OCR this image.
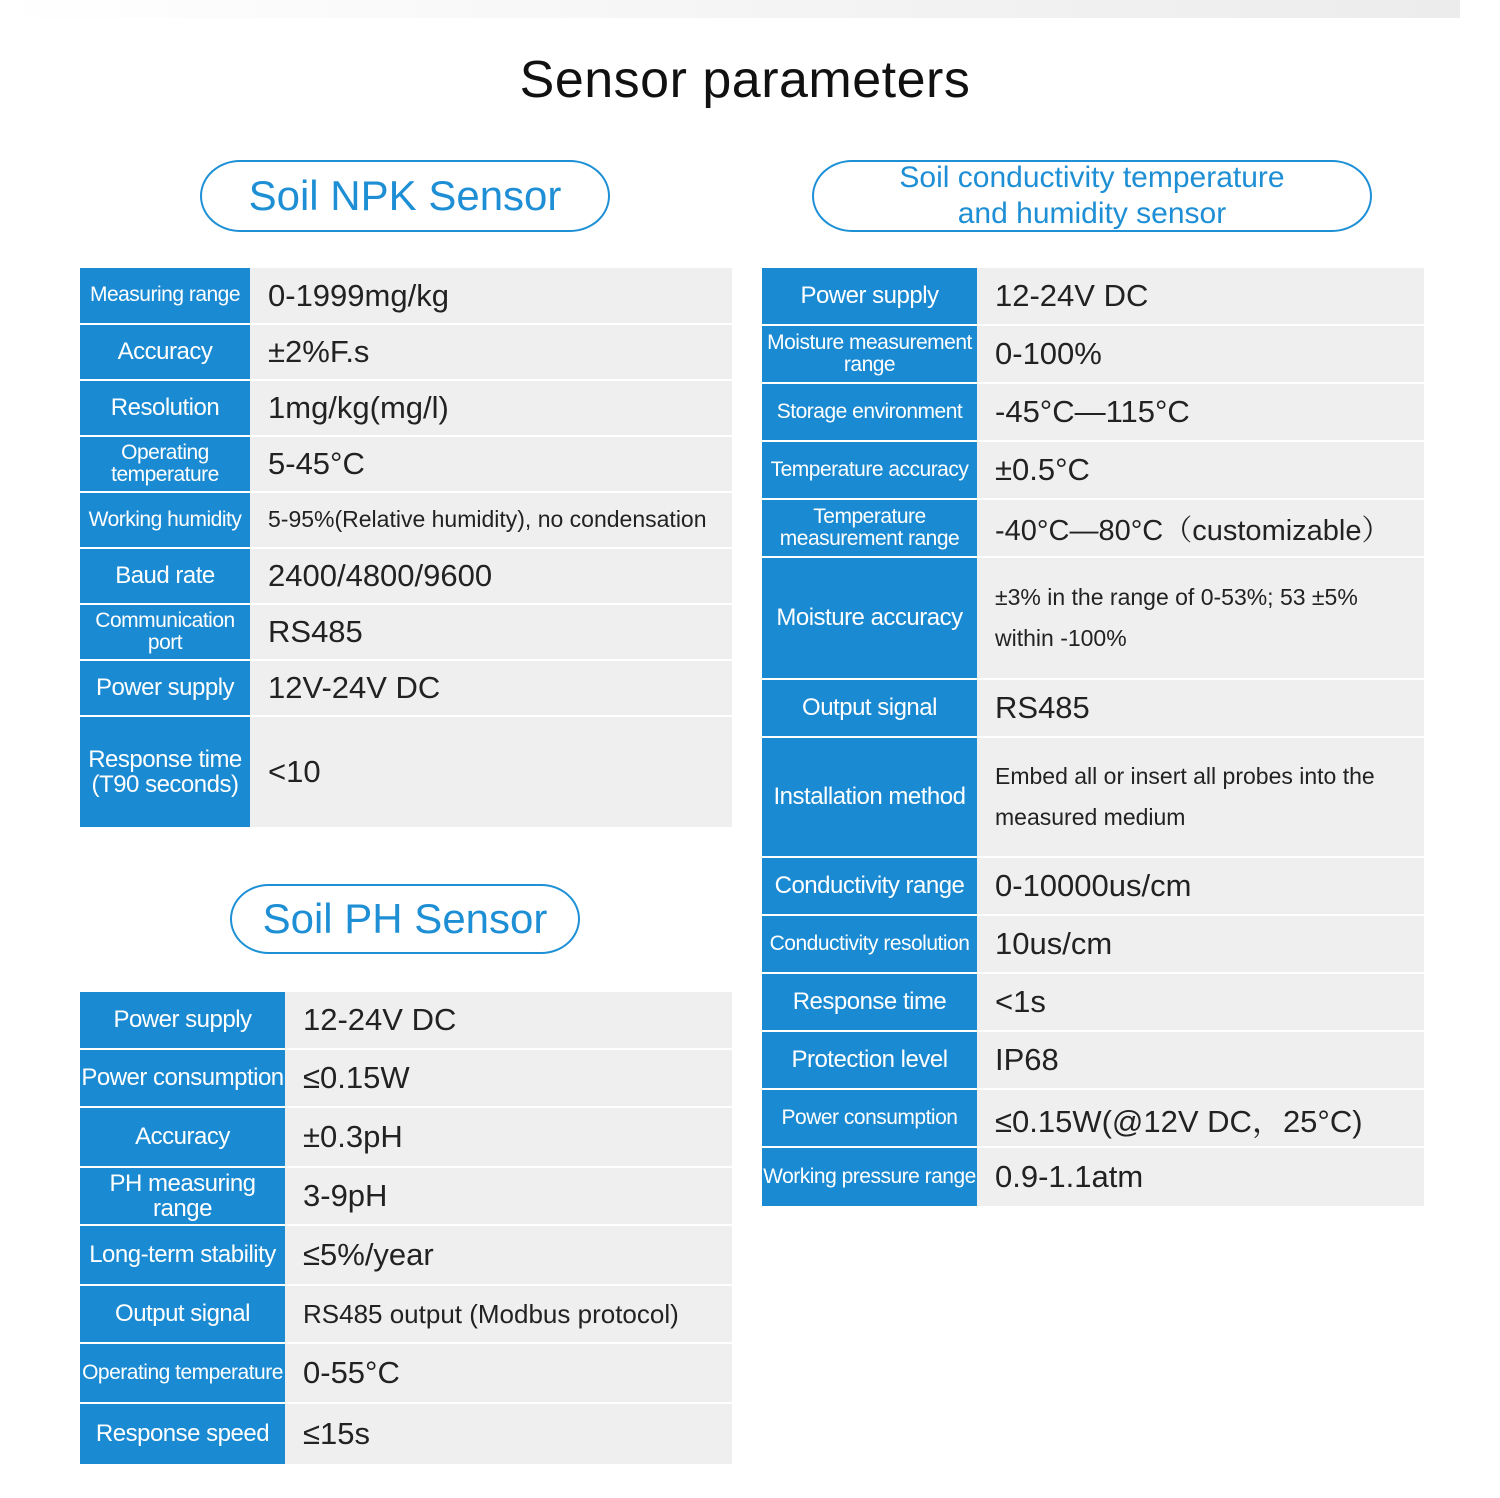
Sensor parameters
Soil NPK Sensor	Soil conductivity temperature
and humidity sensor
Measuring range	0-1999mg/kg
Accuracy	±2%F.s
Resolution	1mg/kg(mg/l)
Operating temperature	5-45°C
Working humidity	5-95%(Relative humidity), no condensation
Baud rate	2400/4800/9600
Communication port	RS485
Power supply	12V-24V DC
Response time (T90 seconds)	<10
Soil PH Sensor
Power supply	12-24V DC
Power consumption	≤0.15W
Accuracy	±0.3pH
PH measuring range	3-9pH
Long-term stability	≤5%/year
Output signal	RS485 output (Modbus protocol)
Operating temperature	0-55°C
Response speed	≤15s
Power supply	12-24V DC
Moisture measurement range	0-100%
Storage environment	-45°C—115°C
Temperature accuracy	±0.5°C
Temperature measurement range	-40°C—80°C（customizable）
Moisture accuracy	±3% in the range of 0-53%; 53 ±5% within -100%
Output signal	RS485
Installation method	Embed all or insert all probes into the measured medium
Conductivity range	0-10000us/cm
Conductivity resolution	10us/cm
Response time	<1s
Protection level	IP68
Power consumption	≤0.15W(@12V DC，25°C)
Working pressure range	0.9-1.1atm
